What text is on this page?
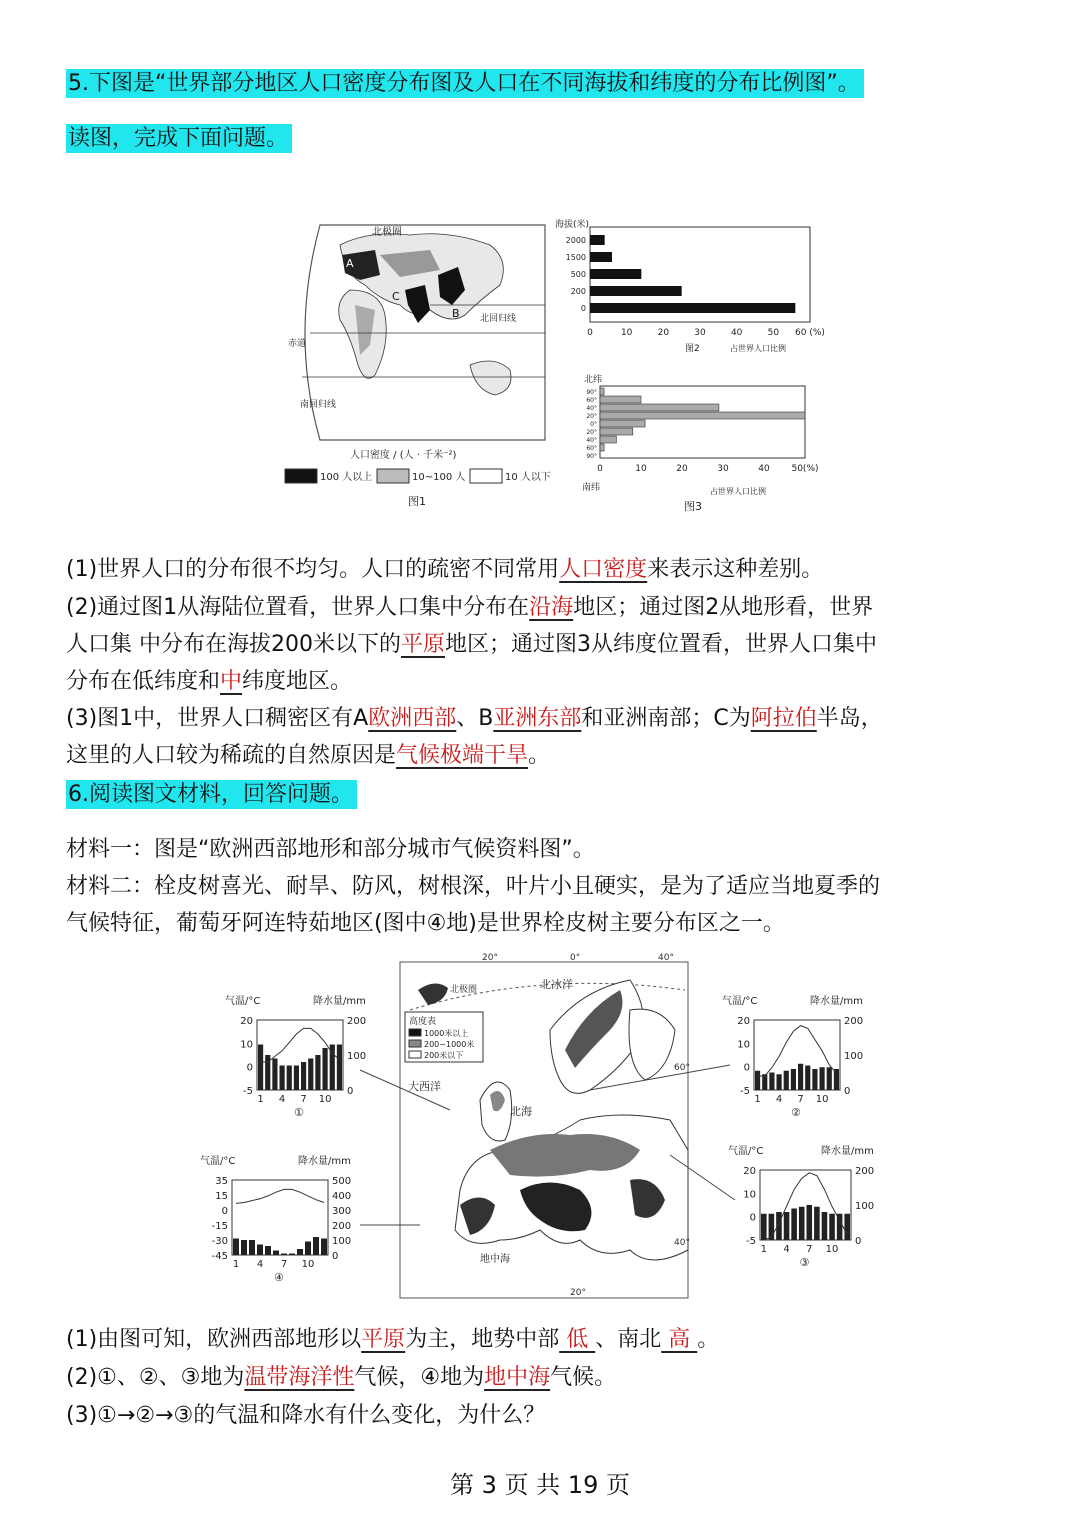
5.下图是“世界部分地区人口密度分布图及人口在不同海拔和纬度的分布比例图”。
读图，完成下面问题。
北极圈
北回归线
赤道
南回归线
A
B
C
人口密度 / (人 · 千米⁻²)
100 人以上	10~100 人	10 人以下
图1
海拔(米)
2000
1500
500
200
0
0	10	20	30	40	50 60 (%)
图2	占世界人口比例
北纬
90°
60°
40°
20°
0°
20°
40°
60°
90°
0	10	20	30	40 50(%)
南纬	占世界人口比例
图3
(1)世界人口的分布很不均匀。人口的疏密不同常用人口密度来表示这种差别。
(2)通过图1从海陆位置看，世界人口集中分布在沿海地区；通过图2从地形看，世界
人口集 中分布在海拔200米以下的平原地区；通过图3从纬度位置看，世界人口集中
分布在低纬度和中纬度地区。
(3)图1中，世界人口稠密区有A欧洲西部、B亚洲东部和亚洲南部；C为阿拉伯半岛，
这里的人口较为稀疏的自然原因是气候极端干旱。
6.阅读图文材料，回答问题。
材料一：图是“欧洲西部地形和部分城市气候资料图”。
材料二：栓皮树喜光、耐旱、防风，树根深，叶片小且硬实，是为了适应当地夏季的
气候特征，葡萄牙阿连特茹地区(图中④地)是世界栓皮树主要分布区之一。
20°	0°	40°
北极圈	北冰洋
高度表
1000米以上
200~1000米
200米以下
大西洋
北海
地中海
60°
40°
20°
气温/°C	降水量/mm
20
10
0
-5
200
100
0
1 4 7 10
①
气温/°C	降水量/mm
20
10
0
-5
200
100
0
1 4 7 10
②
气温/°C	降水量/mm
20
10
0
-5
200
100
0
1 4 7 10
③
气温/°C	降水量/mm
35
15
0
-15
-30
-45
500
400
300
200
100
0
1 4 7 10
④
(1)由图可知，欧洲西部地形以平原为主，地势中部 低 、南北 高 。
(2)①、②、③地为温带海洋性气候，④地为地中海气候。
(3)①→②→③的气温和降水有什么变化，为什么？
第 3 页 共 19 页
